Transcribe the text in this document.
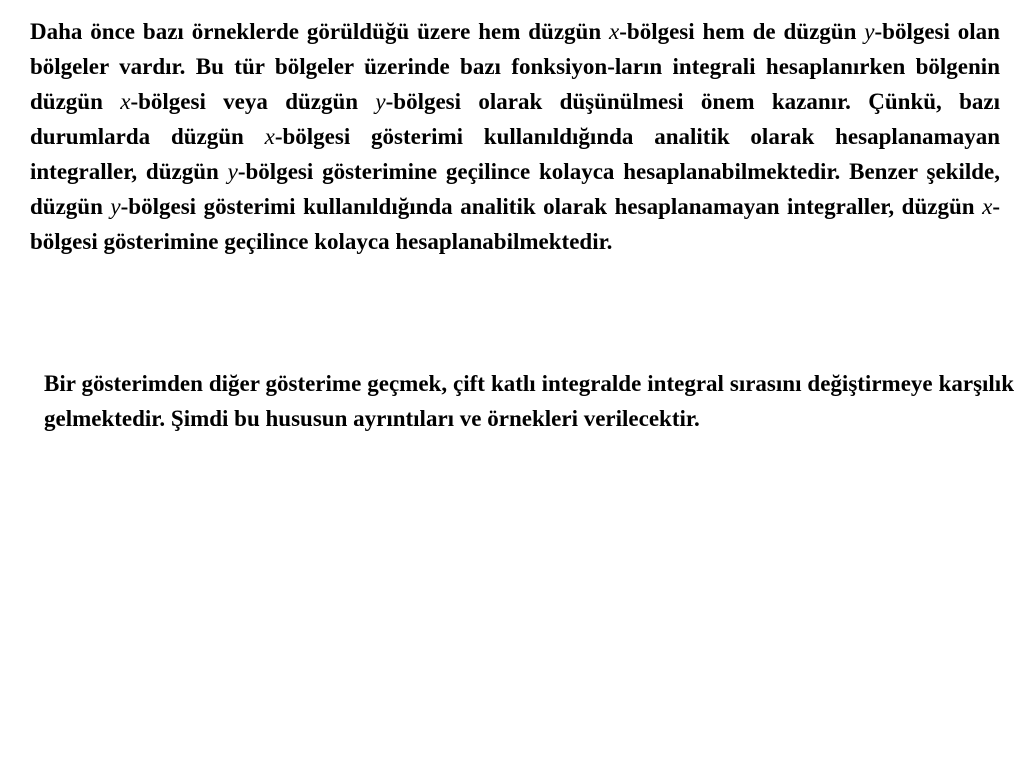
Daha önce bazı örneklerde görüldüğü üzere hem düzgün x-bölgesi hem de düzgün y-bölgesi olan bölgeler vardır. Bu tür bölgeler üzerinde bazı fonksiyon-ların integrali hesaplanırken bölgenin düzgün x-bölgesi veya düzgün y-bölgesi olarak düşünülmesi önem kazanır. Çünkü, bazı durumlarda düzgün x-bölgesi gösterimi kullanıldığında analitik olarak hesaplanamayan integraller, düzgün y-bölgesi gösterimine geçilince kolayca hesaplanabilmektedir. Benzer şekilde, düzgün y-bölgesi gösterimi kullanıldığında analitik olarak hesaplanamayan integraller, düzgün x-bölgesi gösterimine geçilince kolayca hesaplanabilmektedir.

Bir gösterimden diğer gösterime geçmek, çift katlı integralde integral sırasını değiştirmeye karşılık gelmektedir. Şimdi bu hususun ayrıntıları ve örnekleri verilecektir.
